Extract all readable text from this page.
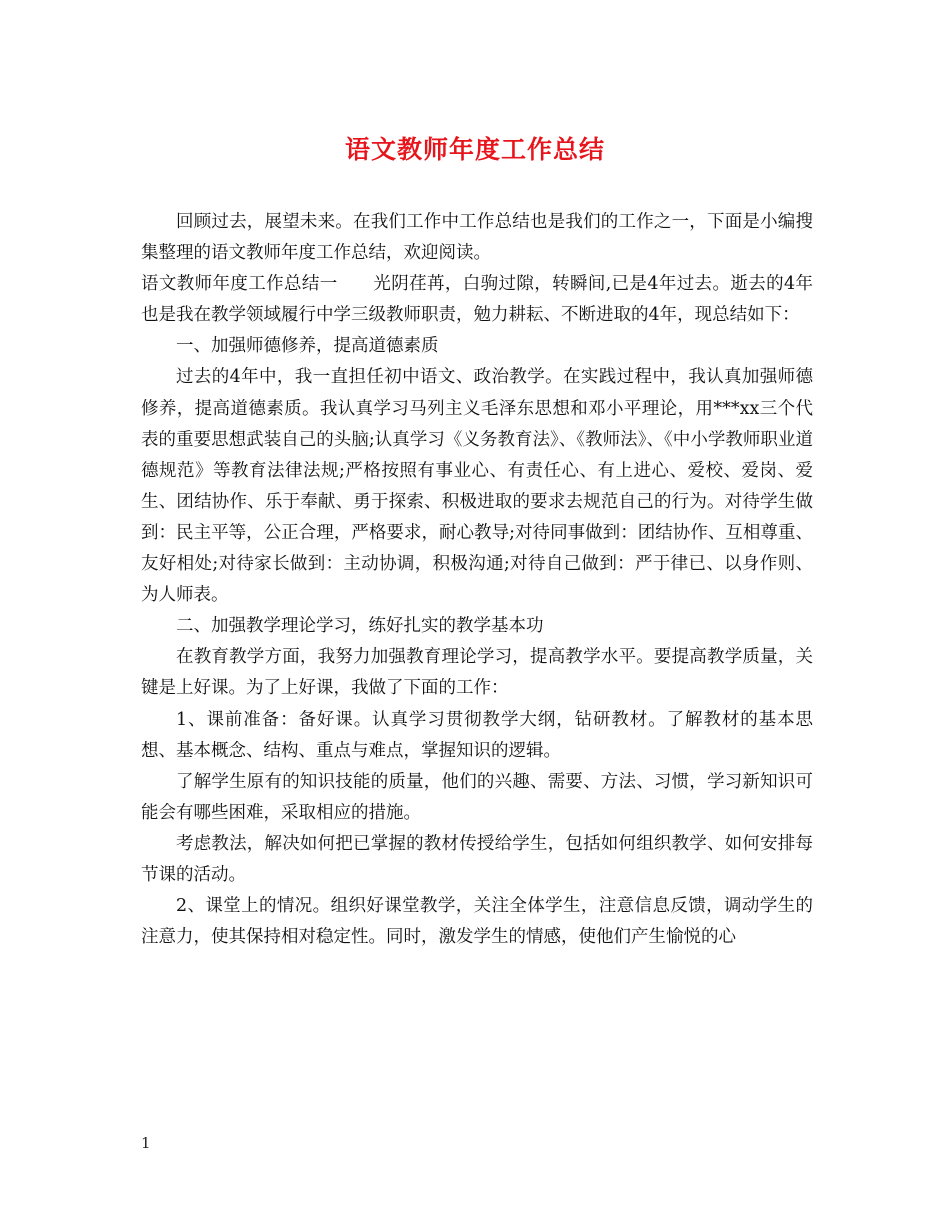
语文教师年度工作总结

回顾过去，展望未来。在我们工作中工作总结也是我们的工作之一，下面是小编搜集整理的语文教师年度工作总结，欢迎阅读。

语文教师年度工作总结一　　光阴荏苒，白驹过隙，转瞬间,已是4年过去。逝去的4年也是我在教学领域履行中学三级教师职责，勉力耕耘、不断进取的4年，现总结如下：

一、加强师德修养，提高道德素质

过去的4年中，我一直担任初中语文、政治教学。在实践过程中，我认真加强师德修养，提高道德素质。我认真学习马列主义毛泽东思想和邓小平理论，用***xx三个代表的重要思想武装自己的头脑;认真学习《义务教育法》、《教师法》、《中小学教师职业道德规范》等教育法律法规;严格按照有事业心、有责任心、有上进心、爱校、爱岗、爱生、团结协作、乐于奉献、勇于探索、积极进取的要求去规范自己的行为。对待学生做到：民主平等，公正合理，严格要求，耐心教导;对待同事做到：团结协作、互相尊重、友好相处;对待家长做到：主动协调，积极沟通;对待自己做到：严于律已、以身作则、为人师表。

二、加强教学理论学习，练好扎实的教学基本功

在教育教学方面，我努力加强教育理论学习，提高教学水平。要提高教学质量，关键是上好课。为了上好课，我做了下面的工作：

1、课前准备：备好课。认真学习贯彻教学大纲，钻研教材。了解教材的基本思想、基本概念、结构、重点与难点，掌握知识的逻辑。

了解学生原有的知识技能的质量，他们的兴趣、需要、方法、习惯，学习新知识可能会有哪些困难，采取相应的措施。

考虑教法，解决如何把已掌握的教材传授给学生，包括如何组织教学、如何安排每节课的活动。

2、课堂上的情况。组织好课堂教学，关注全体学生，注意信息反馈，调动学生的注意力，使其保持相对稳定性。同时，激发学生的情感，使他们产生愉悦的心

1
